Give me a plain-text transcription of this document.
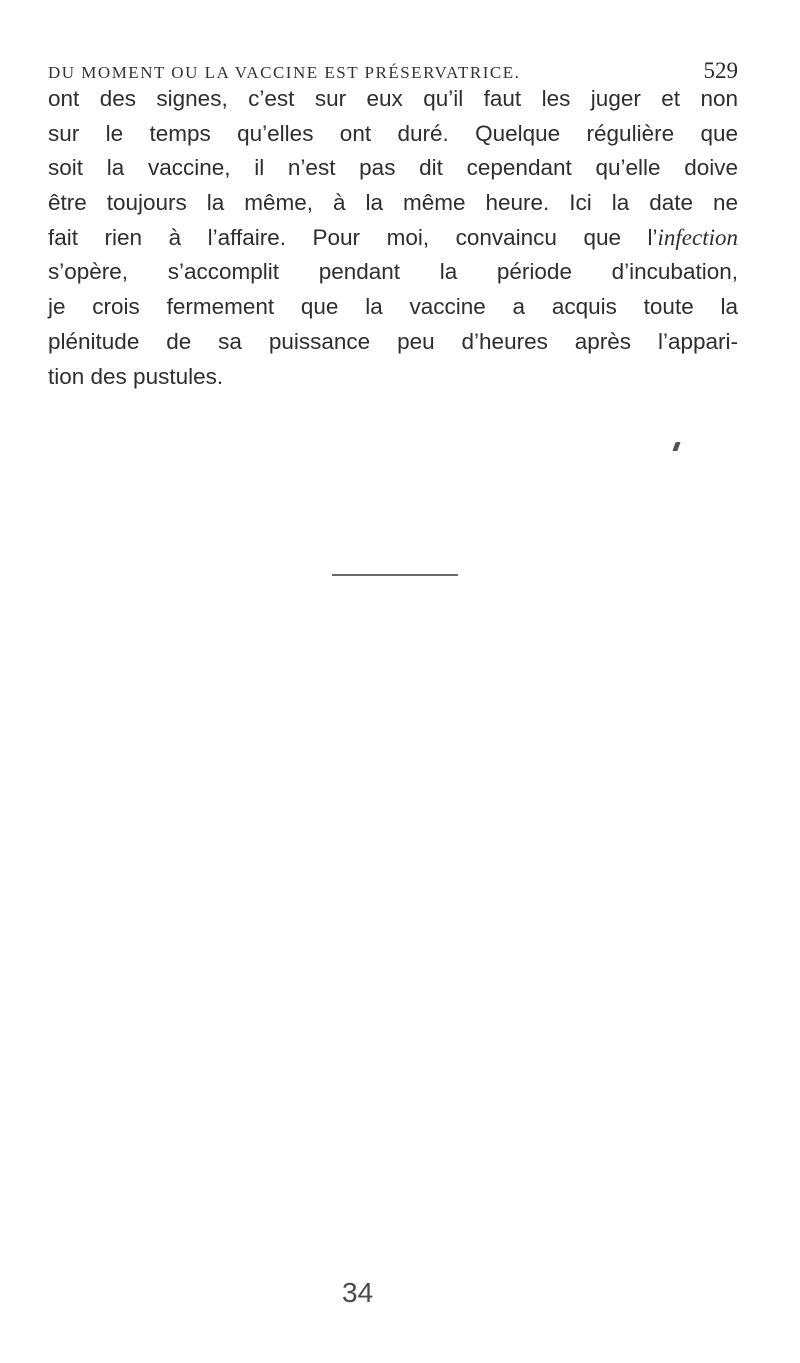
DU MOMENT OU LA VACCINE EST PRÉSERVATRICE.	529
ont des signes, c’est sur eux qu’il faut les juger et non
sur le temps qu’elles ont duré. Quelque régulière que
soit la vaccine, il n’est pas dit cependant qu’elle doive
être toujours la même, à la même heure. Ici la date ne
fait rien à l’affaire. Pour moi, convaincu que l’infection
s’opère, s’accomplit pendant la période d’incubation,
je crois fermement que la vaccine a acquis toute la
plénitude de sa puissance peu d’heures après l’appari-
tion des pustules.
34
